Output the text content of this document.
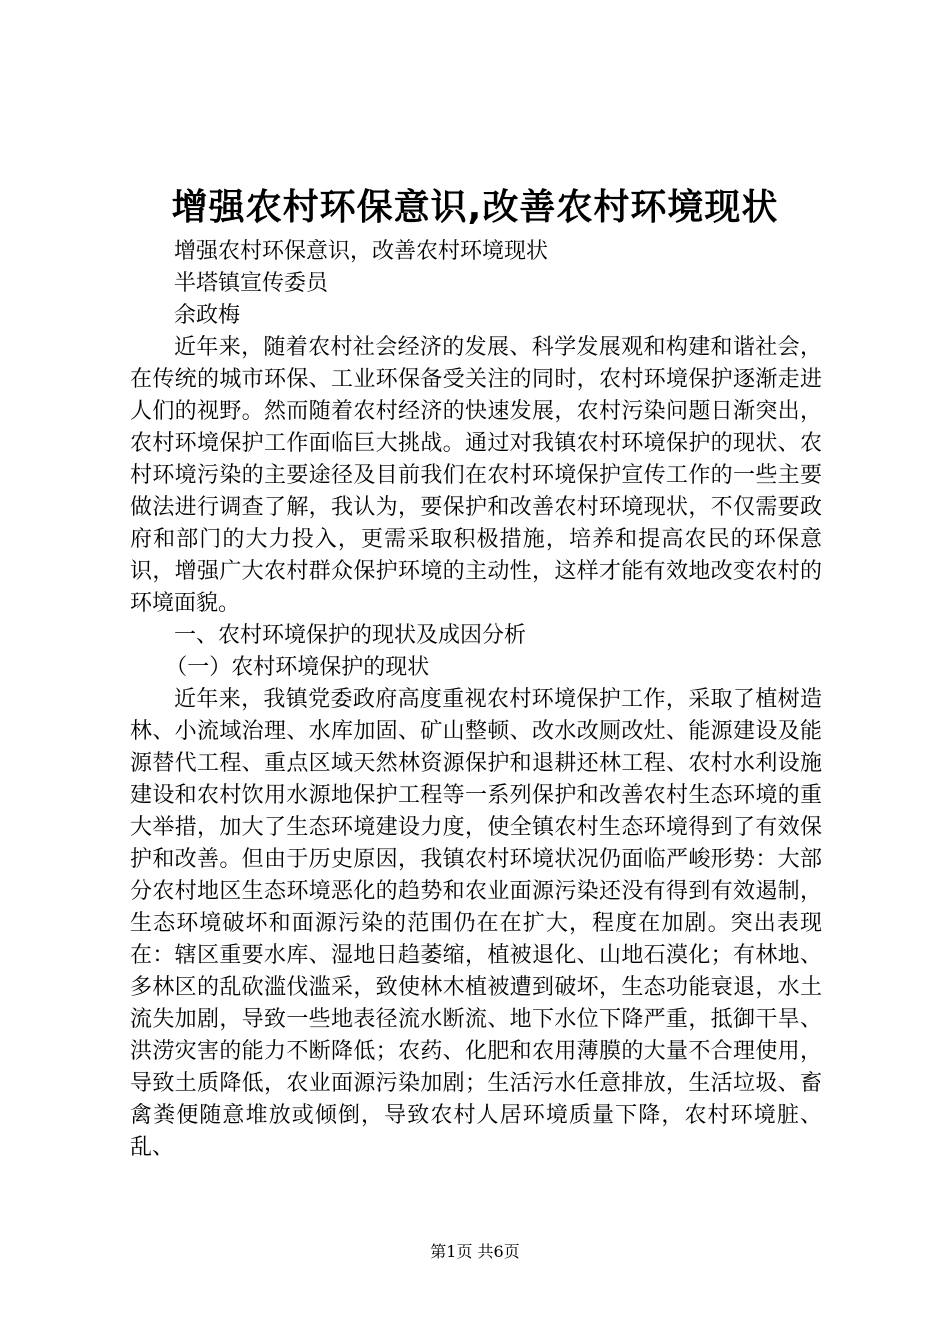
增强农村环保意识,改善农村环境现状

增强农村环保意识，改善农村环境现状

半塔镇宣传委员

余政梅

近年来，随着农村社会经济的发展、科学发展观和构建和谐社会，在传统的城市环保、工业环保备受关注的同时，农村环境保护逐渐走进人们的视野。然而随着农村经济的快速发展，农村污染问题日渐突出，农村环境保护工作面临巨大挑战。通过对我镇农村环境保护的现状、农村环境污染的主要途径及目前我们在农村环境保护宣传工作的一些主要做法进行调查了解，我认为，要保护和改善农村环境现状，不仅需要政府和部门的大力投入，更需采取积极措施，培养和提高农民的环保意识，增强广大农村群众保护环境的主动性，这样才能有效地改变农村的环境面貌。

一、农村环境保护的现状及成因分析

（一）农村环境保护的现状

近年来，我镇党委政府高度重视农村环境保护工作，采取了植树造林、小流域治理、水库加固、矿山整顿、改水改厕改灶、能源建设及能源替代工程、重点区域天然林资源保护和退耕还林工程、农村水利设施建设和农村饮用水源地保护工程等一系列保护和改善农村生态环境的重大举措，加大了生态环境建设力度，使全镇农村生态环境得到了有效保护和改善。但由于历史原因，我镇农村环境状况仍面临严峻形势：大部分农村地区生态环境恶化的趋势和农业面源污染还没有得到有效遏制，生态环境破坏和面源污染的范围仍在在扩大，程度在加剧。突出表现在：辖区重要水库、湿地日趋萎缩，植被退化、山地石漠化；有林地、多林区的乱砍滥伐滥采，致使林木植被遭到破坏，生态功能衰退，水土流失加剧，导致一些地表径流水断流、地下水位下降严重，抵御干旱、洪涝灾害的能力不断降低；农药、化肥和农用薄膜的大量不合理使用，导致土质降低，农业面源污染加剧；生活污水任意排放，生活垃圾、畜禽粪便随意堆放或倾倒，导致农村人居环境质量下降，农村环境脏、乱、

第1页 共6页
